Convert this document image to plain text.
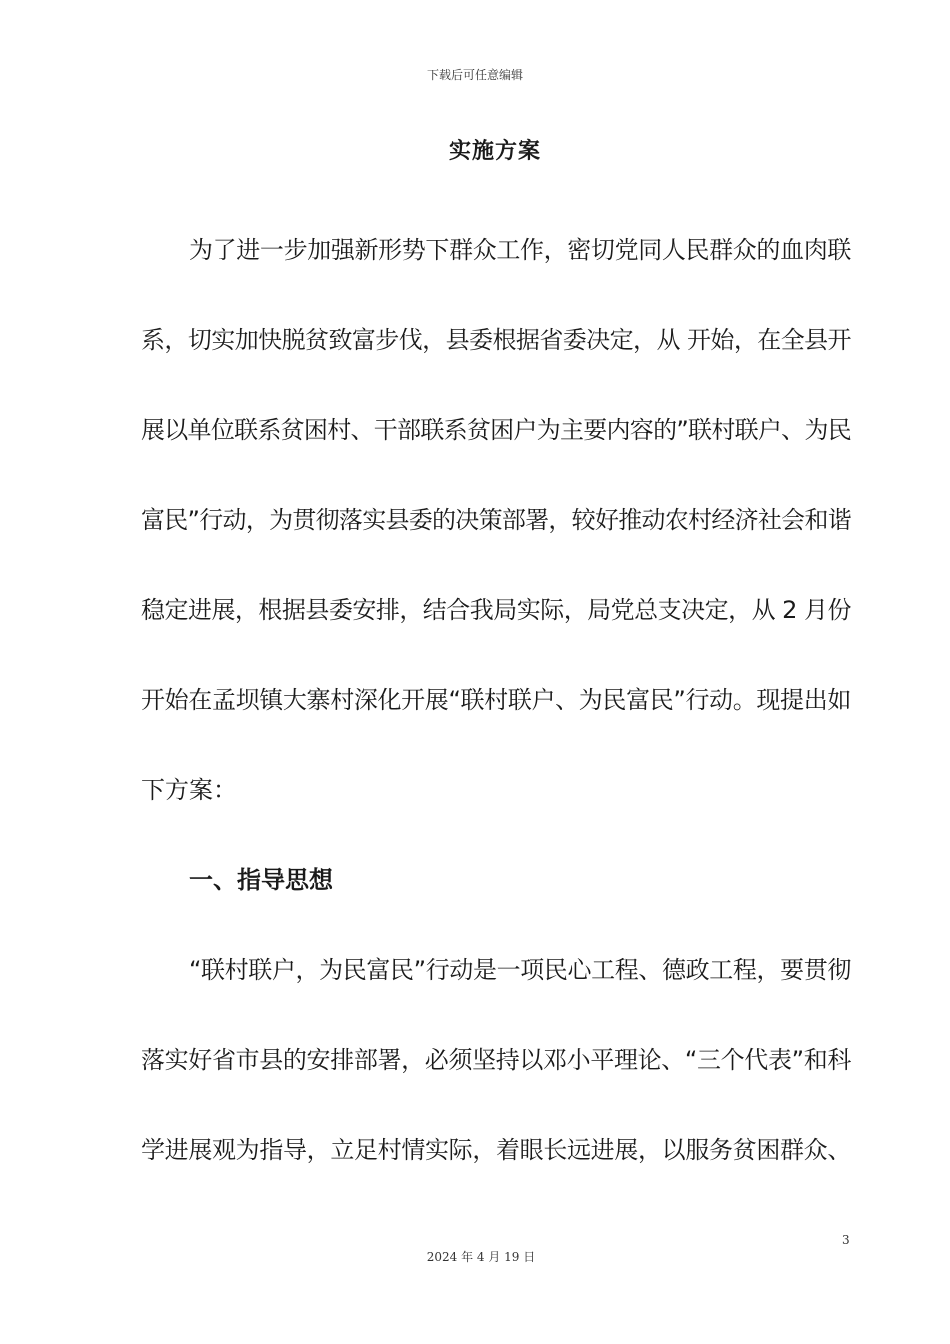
下载后可任意编辑
实施方案
为了进一步加强新形势下群众工作，密切党同人民群众的血肉联
系，切实加快脱贫致富步伐，县委根据省委决定，从 开始，在全县开
展以单位联系贫困村、干部联系贫困户为主要内容的”联村联户、为民
富民”行动，为贯彻落实县委的决策部署，较好推动农村经济社会和谐
稳定进展，根据县委安排，结合我局实际，局党总支决定，从 2 月份
开始在孟坝镇大寨村深化开展“联村联户、为民富民”行动。现提出如
下方案：
一、指导思想
“联村联户，为民富民”行动是一项民心工程、德政工程，要贯彻
落实好省市县的安排部署，必须坚持以邓小平理论、“三个代表”和科
学进展观为指导，立足村情实际，着眼长远进展，以服务贫困群众、
3
2024 年 4 月 19 日
